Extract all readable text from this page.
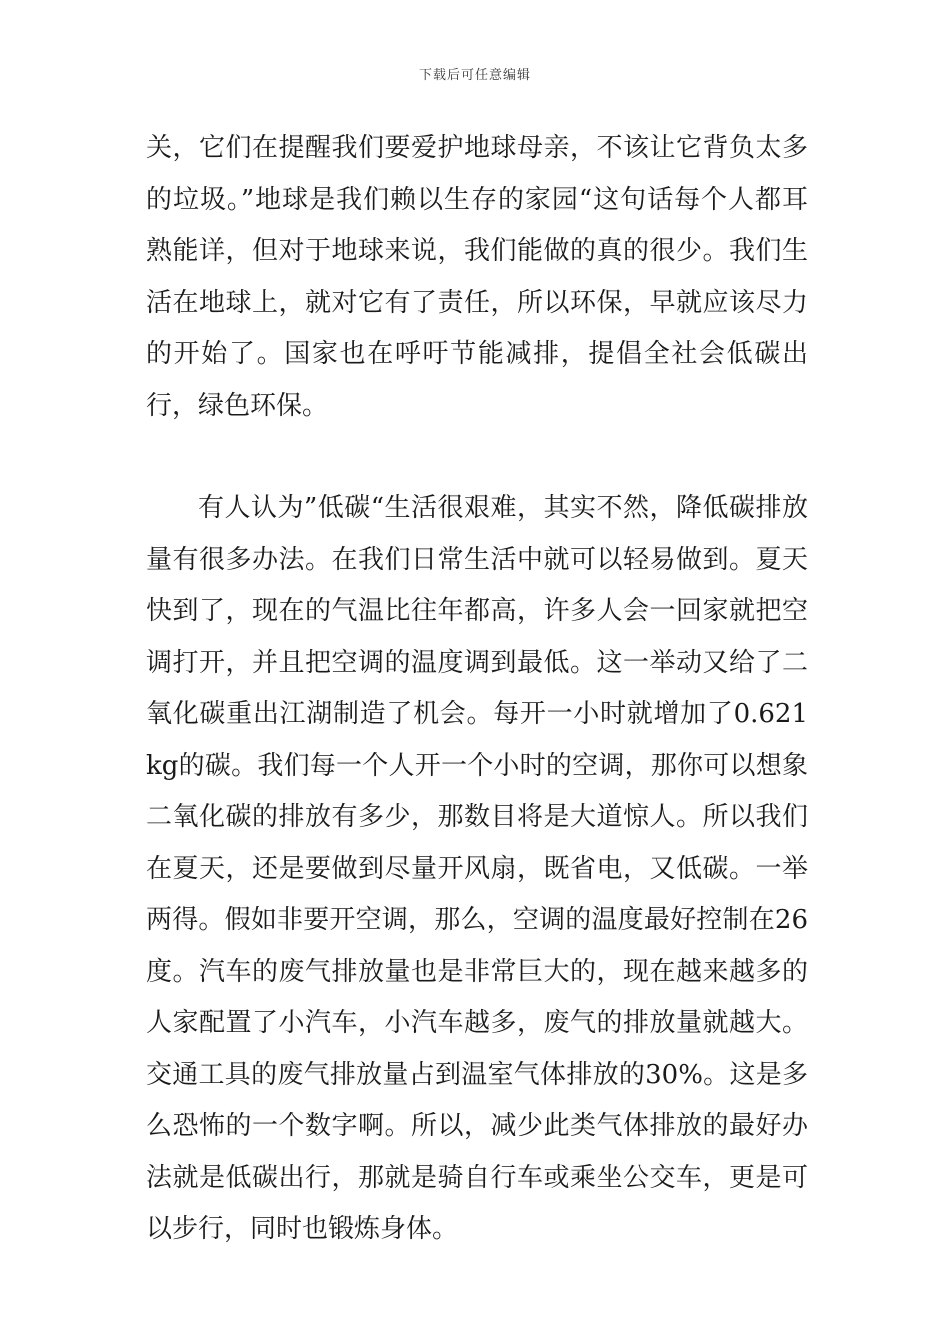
下载后可任意编辑

关，它们在提醒我们要爱护地球母亲，不该让它背负太多的垃圾。”地球是我们赖以生存的家园“这句话每个人都耳熟能详，但对于地球来说，我们能做的真的很少。我们生活在地球上，就对它有了责任，所以环保，早就应该尽力的开始了。国家也在呼吁节能减排，提倡全社会低碳出行，绿色环保。

有人认为”低碳“生活很艰难，其实不然，降低碳排放量有很多办法。在我们日常生活中就可以轻易做到。夏天快到了，现在的气温比往年都高，许多人会一回家就把空调打开，并且把空调的温度调到最低。这一举动又给了二氧化碳重出江湖制造了机会。每开一小时就增加了0.621kg的碳。我们每一个人开一个小时的空调，那你可以想象二氧化碳的排放有多少，那数目将是大道惊人。所以我们在夏天，还是要做到尽量开风扇，既省电，又低碳。一举两得。假如非要开空调，那么，空调的温度最好控制在26度。汽车的废气排放量也是非常巨大的，现在越来越多的人家配置了小汽车，小汽车越多，废气的排放量就越大。交通工具的废气排放量占到温室气体排放的30%。这是多么恐怖的一个数字啊。所以，减少此类气体排放的最好办法就是低碳出行，那就是骑自行车或乘坐公交车，更是可以步行，同时也锻炼身体。
